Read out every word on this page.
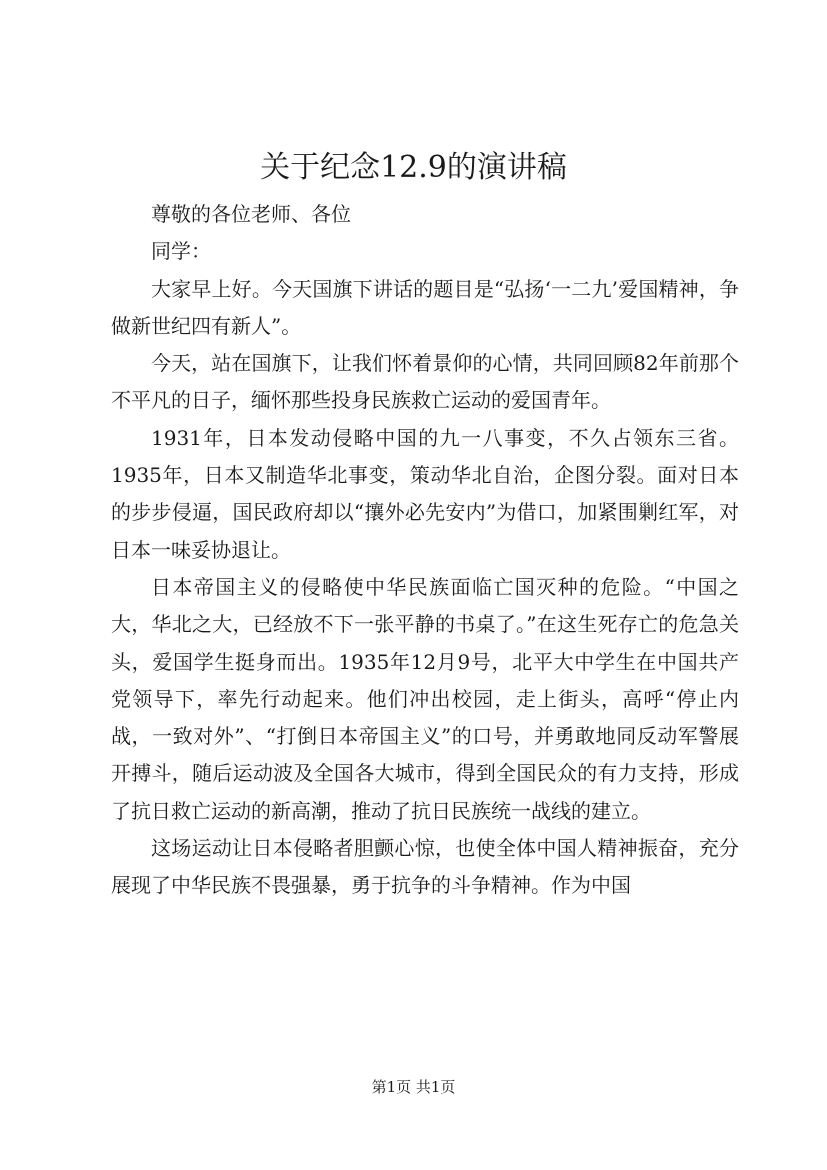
关于纪念12.9的演讲稿

尊敬的各位老师、各位

同学：

大家早上好。今天国旗下讲话的题目是“弘扬‘一二九’爱国精神，争做新世纪四有新人”。

今天，站在国旗下，让我们怀着景仰的心情，共同回顾82年前那个不平凡的日子，缅怀那些投身民族救亡运动的爱国青年。

1931年，日本发动侵略中国的九一八事变，不久占领东三省。1935年，日本又制造华北事变，策动华北自治，企图分裂。面对日本的步步侵逼，国民政府却以“攘外必先安内”为借口，加紧围剿红军，对日本一味妥协退让。

日本帝国主义的侵略使中华民族面临亡国灭种的危险。“中国之大，华北之大，已经放不下一张平静的书桌了。”在这生死存亡的危急关头，爱国学生挺身而出。1935年12月9号，北平大中学生在中国共产党领导下，率先行动起来。他们冲出校园，走上街头，高呼“停止内战，一致对外”、“打倒日本帝国主义”的口号，并勇敢地同反动军警展开搏斗，随后运动波及全国各大城市，得到全国民众的有力支持，形成了抗日救亡运动的新高潮，推动了抗日民族统一战线的建立。

这场运动让日本侵略者胆颤心惊，也使全体中国人精神振奋，充分展现了中华民族不畏强暴，勇于抗争的斗争精神。作为中国

第1页 共1页
